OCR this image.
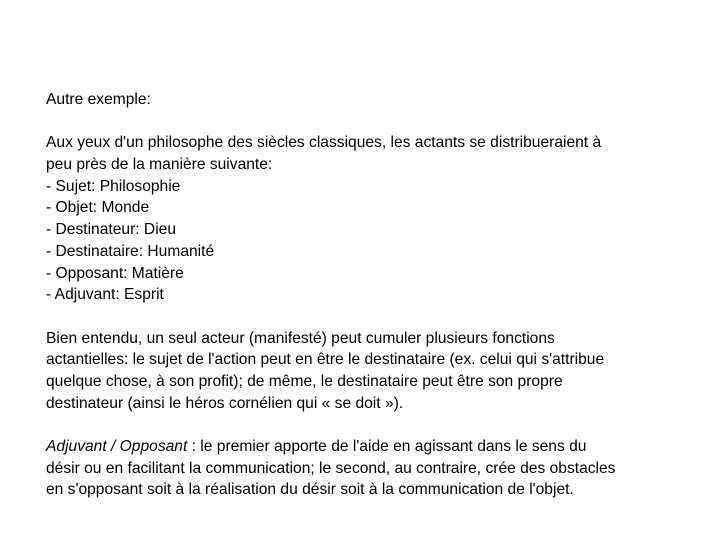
Autre exemple:
Aux yeux d'un philosophe des siècles classiques, les actants se distribueraient à
peu près de la manière suivante:
- Sujet: Philosophie
- Objet: Monde
- Destinateur: Dieu
- Destinataire: Humanité
- Opposant: Matière
- Adjuvant: Esprit
Bien entendu, un seul acteur (manifesté) peut cumuler plusieurs fonctions
actantielles: le sujet de l'action peut en être le destinataire (ex. celui qui s'attribue
quelque chose, à son profit); de même, le destinataire peut être son propre
destinateur (ainsi le héros cornélien qui « se doit »).
Adjuvant / Opposant : le premier apporte de l'aide en agissant dans le sens du
désir ou en facilitant la communication; le second, au contraire, crée des obstacles
en s'opposant soit à la réalisation du désir soit à la communication de l'objet.
